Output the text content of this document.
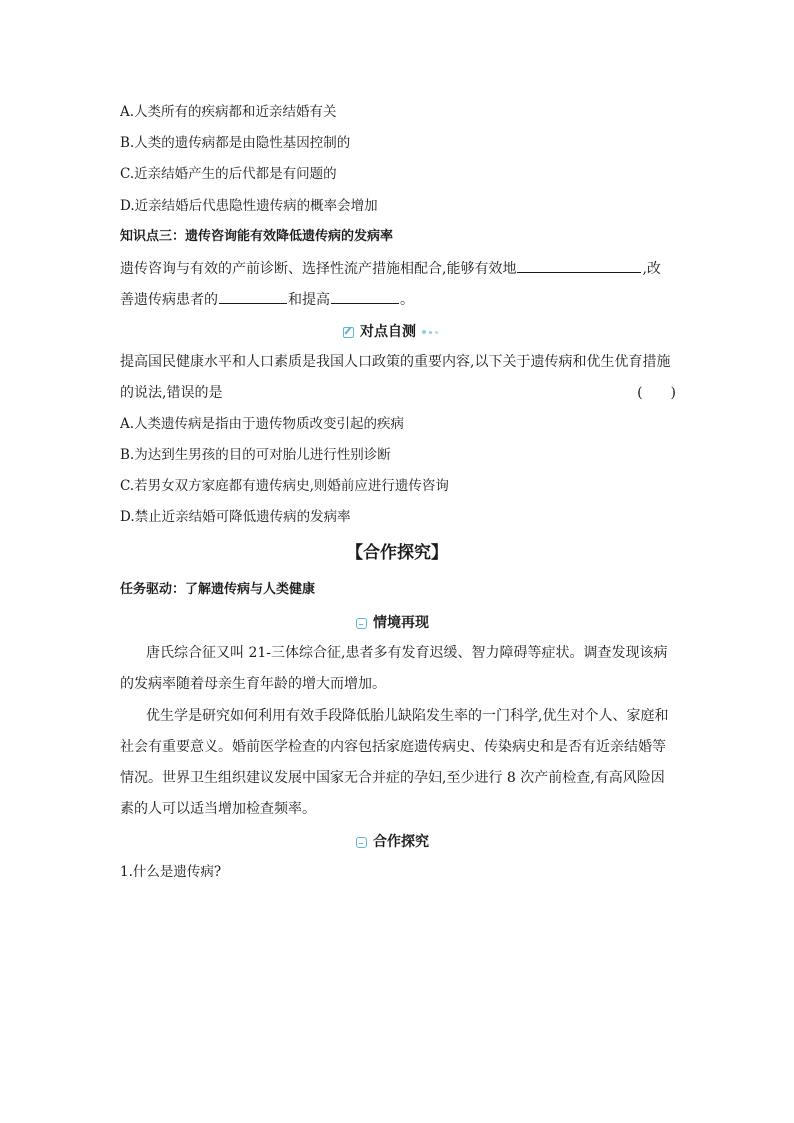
A.人类所有的疾病都和近亲结婚有关
B.人类的遗传病都是由隐性基因控制的
C.近亲结婚产生的后代都是有问题的
D.近亲结婚后代患隐性遗传病的概率会增加
知识点三：遗传咨询能有效降低遗传病的发病率
遗传咨询与有效的产前诊断、选择性流产措施相配合,能够有效地	,改
善遗传病患者的	和提高	。
对点自测
提高国民健康水平和人口素质是我国人口政策的重要内容,以下关于遗传病和优生优育措施
的说法,错误的是	(　　)
A.人类遗传病是指由于遗传物质改变引起的疾病
B.为达到生男孩的目的可对胎儿进行性别诊断
C.若男女双方家庭都有遗传病史,则婚前应进行遗传咨询
D.禁止近亲结婚可降低遗传病的发病率
【合作探究】
任务驱动：了解遗传病与人类健康
情境再现
唐氏综合征又叫 21-三体综合征,患者多有发育迟缓、智力障碍等症状。调查发现该病
的发病率随着母亲生育年龄的增大而增加。
优生学是研究如何利用有效手段降低胎儿缺陷发生率的一门科学,优生对个人、家庭和
社会有重要意义。婚前医学检查的内容包括家庭遗传病史、传染病史和是否有近亲结婚等
情况。世界卫生组织建议发展中国家无合并症的孕妇,至少进行 8 次产前检查,有高风险因
素的人可以适当增加检查频率。
合作探究
1.什么是遗传病?
